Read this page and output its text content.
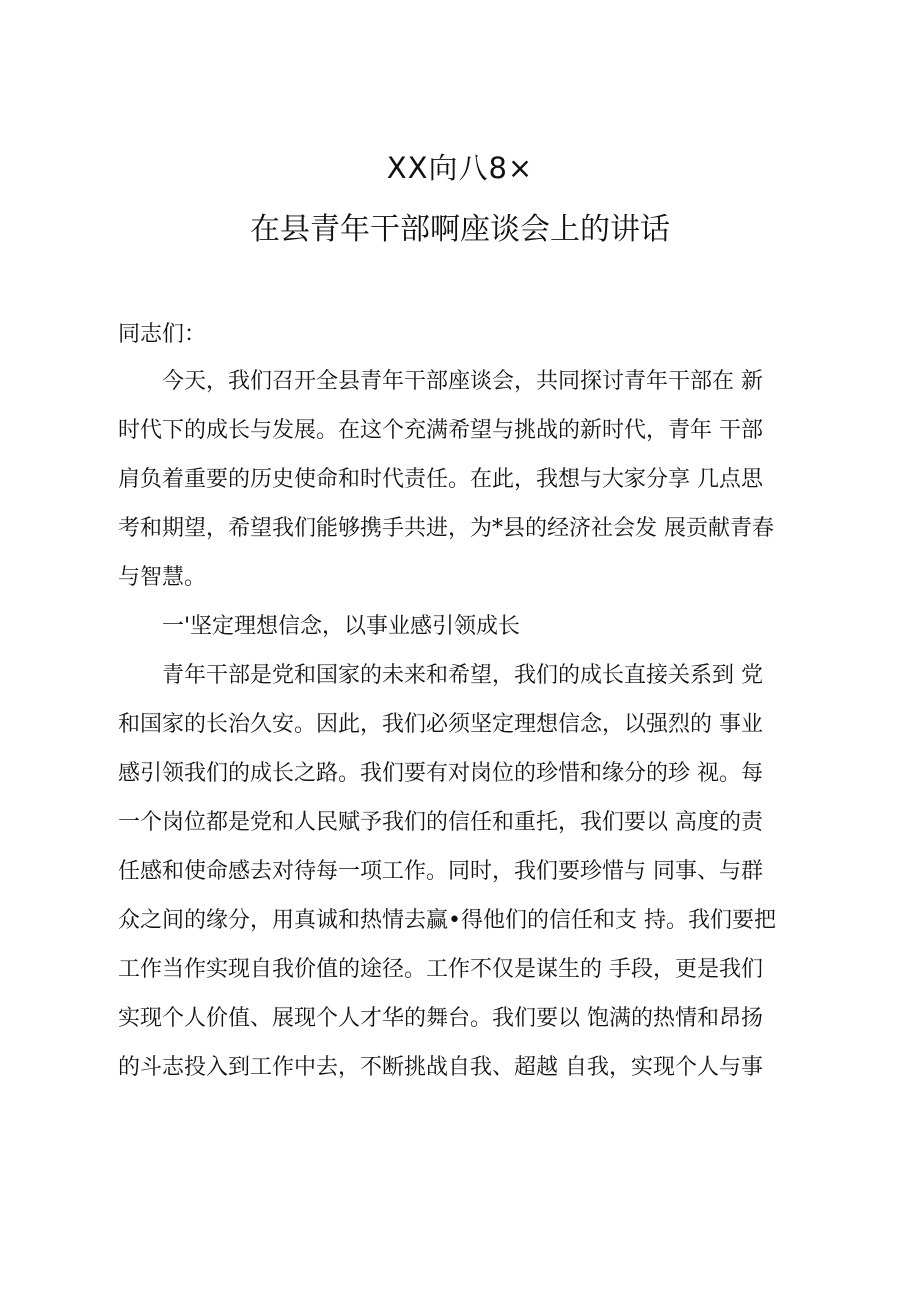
XX向八8×
在县青年干部啊座谈会上的讲话
同志们：
今天，我们召开全县青年干部座谈会，共同探讨青年干部在 新
时代下的成长与发展。在这个充满希望与挑战的新时代，青年 干部
肩负着重要的历史使命和时代责任。在此，我想与大家分享 几点思
考和期望，希望我们能够携手共进，为*县的经济社会发 展贡献青春
与智慧。
一'坚定理想信念，以事业感引领成长
青年干部是党和国家的未来和希望，我们的成长直接关系到 党
和国家的长治久安。因此，我们必须坚定理想信念，以强烈的 事业
感引领我们的成长之路。我们要有对岗位的珍惜和缘分的珍 视。每
一个岗位都是党和人民赋予我们的信任和重托，我们要以 高度的责
任感和使命感去对待每一项工作。同时，我们要珍惜与 同事、与群
众之间的缘分，用真诚和热情去赢•得他们的信任和支 持。我们要把
工作当作实现自我价值的途径。工作不仅是谋生的 手段，更是我们
实现个人价值、展现个人才华的舞台。我们要以 饱满的热情和昂扬
的斗志投入到工作中去，不断挑战自我、超越 自我，实现个人与事
